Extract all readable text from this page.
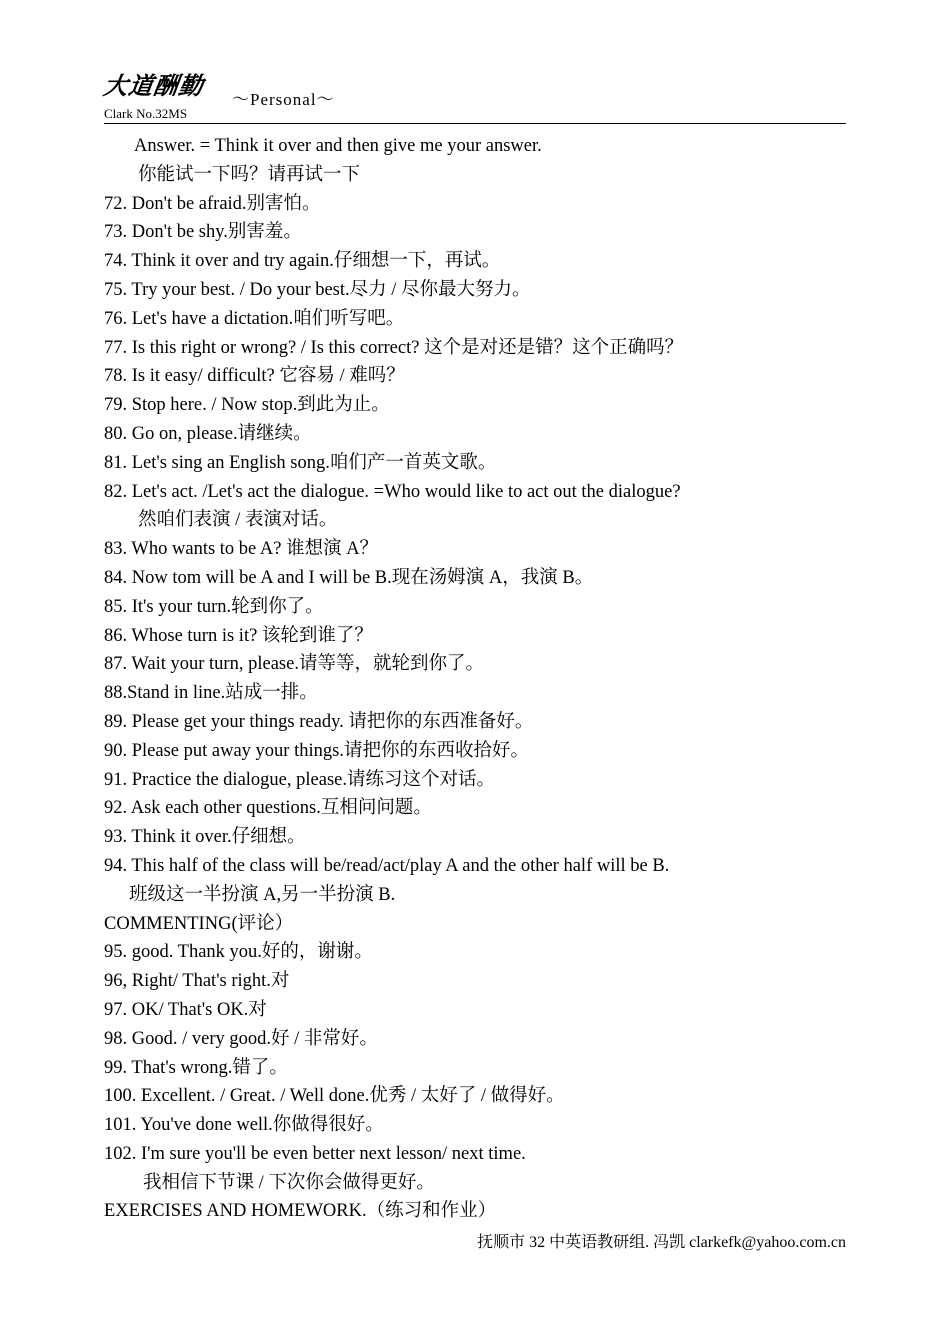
大道酬勤
Clark No.32MS
～Personal～
Answer. = Think it over and then give me your answer.
你能试一下吗？请再试一下
72. Don't be afraid.别害怕。
73. Don't be shy.别害羞。
74. Think it over and try again.仔细想一下，再试。
75. Try your best. / Do your best.尽力 / 尽你最大努力。
76. Let's have a dictation.咱们听写吧。
77. Is this right or wrong? / Is this correct? 这个是对还是错？这个正确吗？
78. Is it easy/ difficult? 它容易 / 难吗？
79. Stop here. / Now stop.到此为止。
80. Go on, please.请继续。
81. Let's sing an English song.咱们产一首英文歌。
82. Let's act. /Let's act the dialogue. =Who would like to act out the dialogue?
然咱们表演 / 表演对话。
83. Who wants to be A? 谁想演 A？
84. Now tom will be A and I will be B.现在汤姆演 A，我演 B。
85. It's your turn.轮到你了。
86. Whose turn is it? 该轮到谁了？
87. Wait your turn, please.请等等，就轮到你了。
88.Stand in line.站成一排。
89. Please get your things ready. 请把你的东西准备好。
90. Please put away your things.请把你的东西收拾好。
91. Practice the dialogue, please.请练习这个对话。
92. Ask each other questions.互相问问题。
93. Think it over.仔细想。
94. This half of the class will be/read/act/play A and the other half will be B.
班级这一半扮演 A,另一半扮演 B.
COMMENTING(评论）
95. good. Thank you.好的，谢谢。
96, Right/ That's right.对
97. OK/ That's OK.对
98. Good. / very good.好 / 非常好。
99. That's wrong.错了。
100. Excellent. / Great. / Well done.优秀 / 太好了 / 做得好。
101. You've done well.你做得很好。
102. I'm sure you'll be even better next lesson/ next time.
我相信下节课 / 下次你会做得更好。
EXERCISES AND HOMEWORK.（练习和作业）
抚顺市 32 中英语教研组. 冯凯 clarkefk@yahoo.com.cn
